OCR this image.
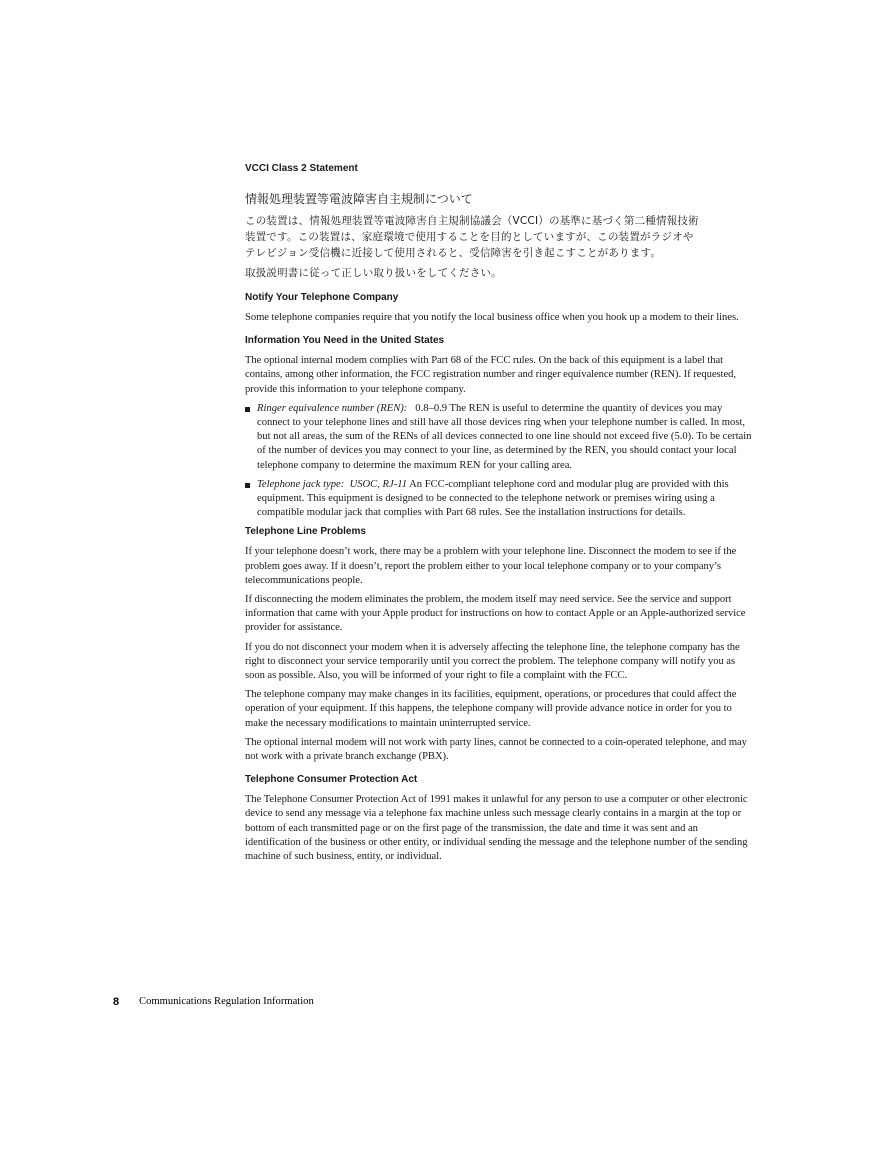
VCCI Class 2 Statement
情報処理装置等電波障害自主規制について
この装置は、情報処理装置等電波障害自主規制協議会（VCCI）の基準に基づく第二種情報技術
装置です。この装置は、家庭環境で使用することを目的としていますが、この装置がラジオや
テレビジョン受信機に近接して使用されると、受信障害を引き起こすことがあります。
取扱説明書に従って正しい取り扱いをしてください。
Notify Your Telephone Company

Some telephone companies require that you notify the local business office when you hook up a modem to their lines.

Information You Need in the United States

The optional internal modem complies with Part 68 of the FCC rules. On the back of this equipment is a label that contains, among other information, the FCC registration number and ringer equivalence number (REN). If requested, provide this information to your telephone company.

Ringer equivalence number (REN): 0.8–0.9 The REN is useful to determine the quantity of devices you may connect to your telephone lines and still have all those devices ring when your telephone number is called. In most, but not all areas, the sum of the RENs of all devices connected to one line should not exceed five (5.0). To be certain of the number of devices you may connect to your line, as determined by the REN, you should contact your local telephone company to determine the maximum REN for your calling area.
Telephone jack type: USOC, RJ-11 An FCC-compliant telephone cord and modular plug are provided with this equipment. This equipment is designed to be connected to the telephone network or premises wiring using a compatible modular jack that complies with Part 68 rules. See the installation instructions for details.
Telephone Line Problems

If your telephone doesn’t work, there may be a problem with your telephone line. Disconnect the modem to see if the problem goes away. If it doesn’t, report the problem either to your local telephone company or to your company’s telecommunications people.

If disconnecting the modem eliminates the problem, the modem itself may need service. See the service and support information that came with your Apple product for instructions on how to contact Apple or an Apple-authorized service provider for assistance.

If you do not disconnect your modem when it is adversely affecting the telephone line, the telephone company has the right to disconnect your service temporarily until you correct the problem. The telephone company will notify you as soon as possible. Also, you will be informed of your right to file a complaint with the FCC.

The telephone company may make changes in its facilities, equipment, operations, or procedures that could affect the operation of your equipment. If this happens, the telephone company will provide advance notice in order for you to make the necessary modifications to maintain uninterrupted service.

The optional internal modem will not work with party lines, cannot be connected to a coin-operated telephone, and may not work with a private branch exchange (PBX).

Telephone Consumer Protection Act

The Telephone Consumer Protection Act of 1991 makes it unlawful for any person to use a computer or other electronic device to send any message via a telephone fax machine unless such message clearly contains in a margin at the top or bottom of each transmitted page or on the first page of the transmission, the date and time it was sent and an identification of the business or other entity, or individual sending the message and the telephone number of the sending machine of such business, entity, or individual.

8 Communications Regulation Information
